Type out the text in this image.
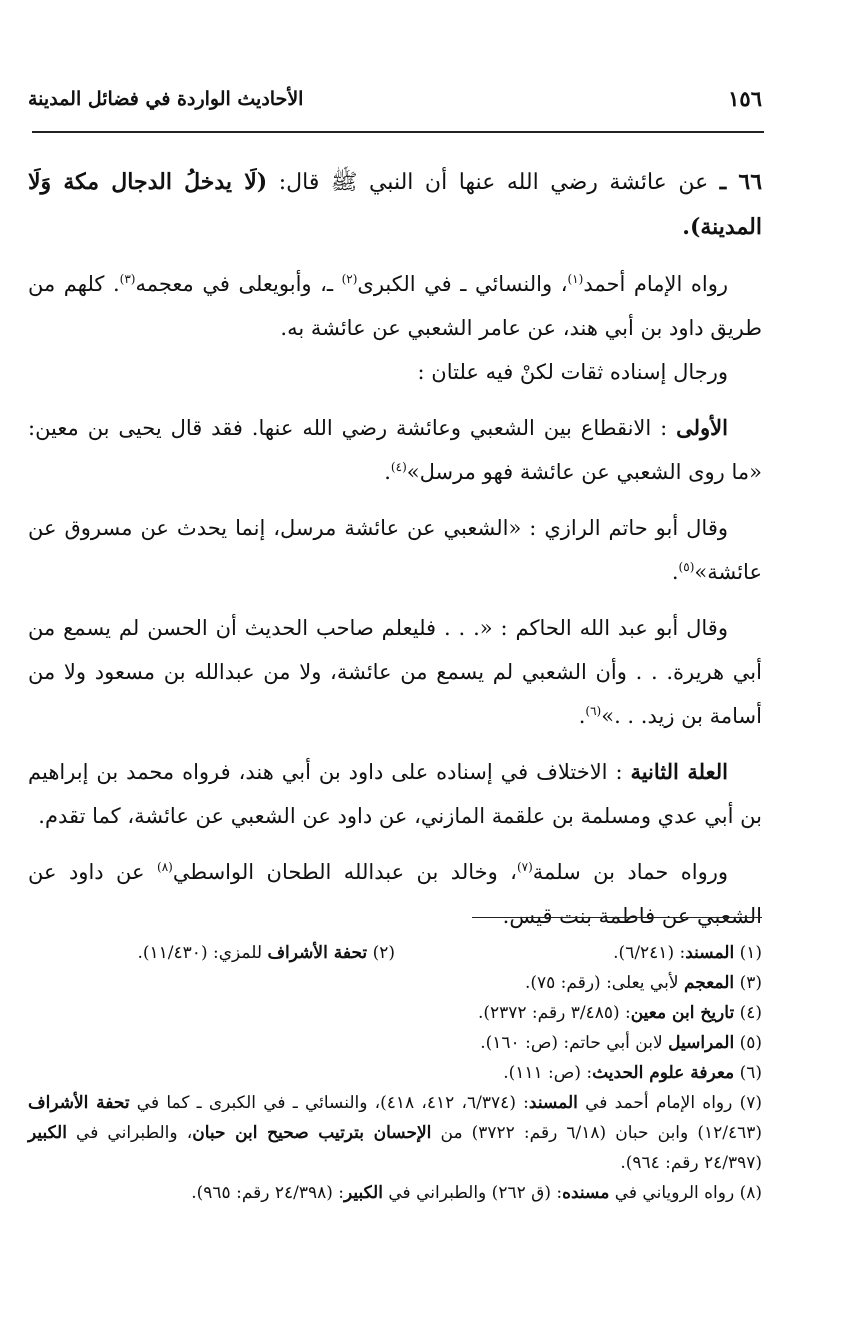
١٥٦
الأحاديث الواردة في فضائل المدينة

٦٦ ـ عن عائشة رضي الله عنها أن النبي ﷺ قال: (لَا يدخلُ الدجال مكة وَلَا المدينة).

رواه الإمام أحمد$^{(١)}$، والنسائي ـ في الكبرى$^{(٢)}$ ـ، وأبويعلى في معجمه$^{(٣)}$. كلهم من طريق داود بن أبي هند، عن عامر الشعبي عن عائشة به.

ورجال إسناده ثقات لكنْ فيه علتان :

الأولى : الانقطاع بين الشعبي وعائشة رضي الله عنها. فقد قال يحيى بن معين: «ما روى الشعبي عن عائشة فهو مرسل»$^{(٤)}$.

وقال أبو حاتم الرازي : «الشعبي عن عائشة مرسل، إنما يحدث عن مسروق عن عائشة»$^{(٥)}$.

وقال أبو عبد الله الحاكم : «. . . فليعلم صاحب الحديث أن الحسن لم يسمع من أبي هريرة. . . وأن الشعبي لم يسمع من عائشة، ولا من عبدالله بن مسعود ولا من أسامة بن زيد. . .»$^{(٦)}$.

العلة الثانية : الاختلاف في إسناده على داود بن أبي هند، فرواه محمد بن إبراهيم بن أبي عدي ومسلمة بن علقمة المازني، عن داود عن الشعبي عن عائشة، كما تقدم.

ورواه حماد بن سلمة$^{(٧)}$، وخالد بن عبدالله الطحان الواسطي$^{(٨)}$ عن داود عن الشعبي عن فاطمة بنت قيس.

(١) المسند: (٦/٢٤١).

(٢) تحفة الأشراف للمزي: (١١/٤٣٠).

(٣) المعجم لأبي يعلى: (رقم: ٧٥).

(٤) تاريخ ابن معين: (٣/٤٨٥ رقم: ٢٣٧٢).

(٥) المراسيل لابن أبي حاتم: (ص: ١٦٠).

(٦) معرفة علوم الحديث: (ص: ١١١).

(٧) رواه الإمام أحمد في المسند: (٦/٣٧٤، ٤١٢، ٤١٨)، والنسائي ـ في الكبرى ـ كما في تحفة الأشراف (١٢/٤٦٣) وابن حبان (٦/١٨ رقم: ٣٧٢٢) من الإحسان بترتيب صحيح ابن حبان، والطبراني في الكبير (٢٤/٣٩٧ رقم: ٩٦٤).

(٨) رواه الروياني في مسنده: (ق ٢٦٢) والطبراني في الكبير: (٢٤/٣٩٨ رقم: ٩٦٥).
